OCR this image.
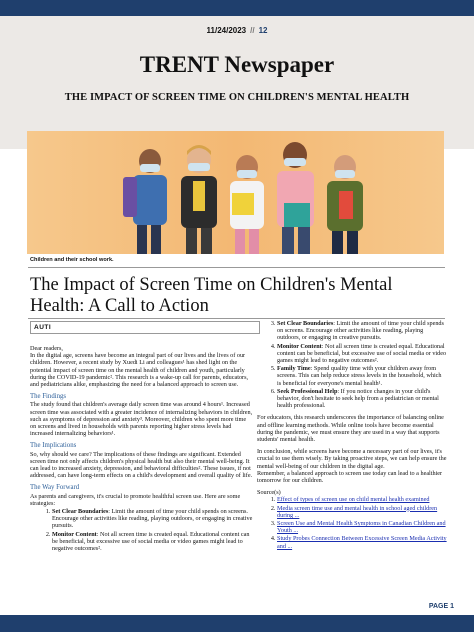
11/24/2023 // 12
TRENT Newspaper
THE IMPACT OF SCREEN TIME ON CHILDREN'S MENTAL HEALTH
Children and their school work.
The Impact of Screen Time on Children's Mental Health: A Call to Action
AUTI

Dear readers,

In the digital age, screens have become an integral part of our lives and the lives of our children. However, a recent study by Xuedi Li and colleagues¹ has shed light on the potential impact of screen time on the mental health of children and youth, particularly during the COVID-19 pandemic². This research is a wake-up call for parents, educators, and pediatricians alike, emphasizing the need for a balanced approach to screen use.

The Findings

The study found that children's average daily screen time was around 4 hours¹. Increased screen time was associated with a greater incidence of internalizing behaviors in children, such as symptoms of depression and anxiety³. Moreover, children who spent more time on screens and lived in households with parents reporting higher stress levels had increased internalizing behaviors¹.

The Implications

So, why should we care? The implications of these findings are significant. Extended screen time not only affects children's physical health but also their mental well-being. It can lead to increased anxiety, depression, and behavioral difficulties². These issues, if not addressed, can have long-term effects on a child's development and overall quality of life.

The Way Forward

As parents and caregivers, it's crucial to promote healthful screen use. Here are some strategies:

1. Set Clear Boundaries: Limit the amount of time your child spends on screens. Encourage other activities like reading, playing outdoors, or engaging in creative pursuits.
2. Monitor Content: Not all screen time is created equal. Educational content can be beneficial, but excessive use of social media or video games might lead to negative outcomes².
3. Set Clear Boundaries: Limit the amount of time your child spends on screens. Encourage other activities like reading, playing outdoors, or engaging in creative pursuits.
4. Monitor Content: Not all screen time is created equal. Educational content can be beneficial, but excessive use of social media or video games might lead to negative outcomes².
5. Family Time: Spend quality time with your children away from screens. This can help reduce stress levels in the household, which is beneficial for everyone's mental health¹.
6. Seek Professional Help: If you notice changes in your child's behavior, don't hesitate to seek help from a pediatrician or mental health professional.

For educators, this research underscores the importance of balancing online and offline learning methods. While online tools have become essential during the pandemic, we must ensure they are used in a way that supports students' mental health.

In conclusion, while screens have become a necessary part of our lives, it's crucial to use them wisely. By taking proactive steps, we can help ensure the mental well-being of our children in the digital age.

Remember, a balanced approach to screen use today can lead to a healthier tomorrow for our children.

Source(s)
1. Effect of types of screen use on child mental health examined
2. Media screen time use and mental health in school aged children during ...
3. Screen Use and Mental Health Symptoms in Canadian Children and Youth ...
4. Study Probes Connection Between Excessive Screen Media Activity and ...
PAGE 1
